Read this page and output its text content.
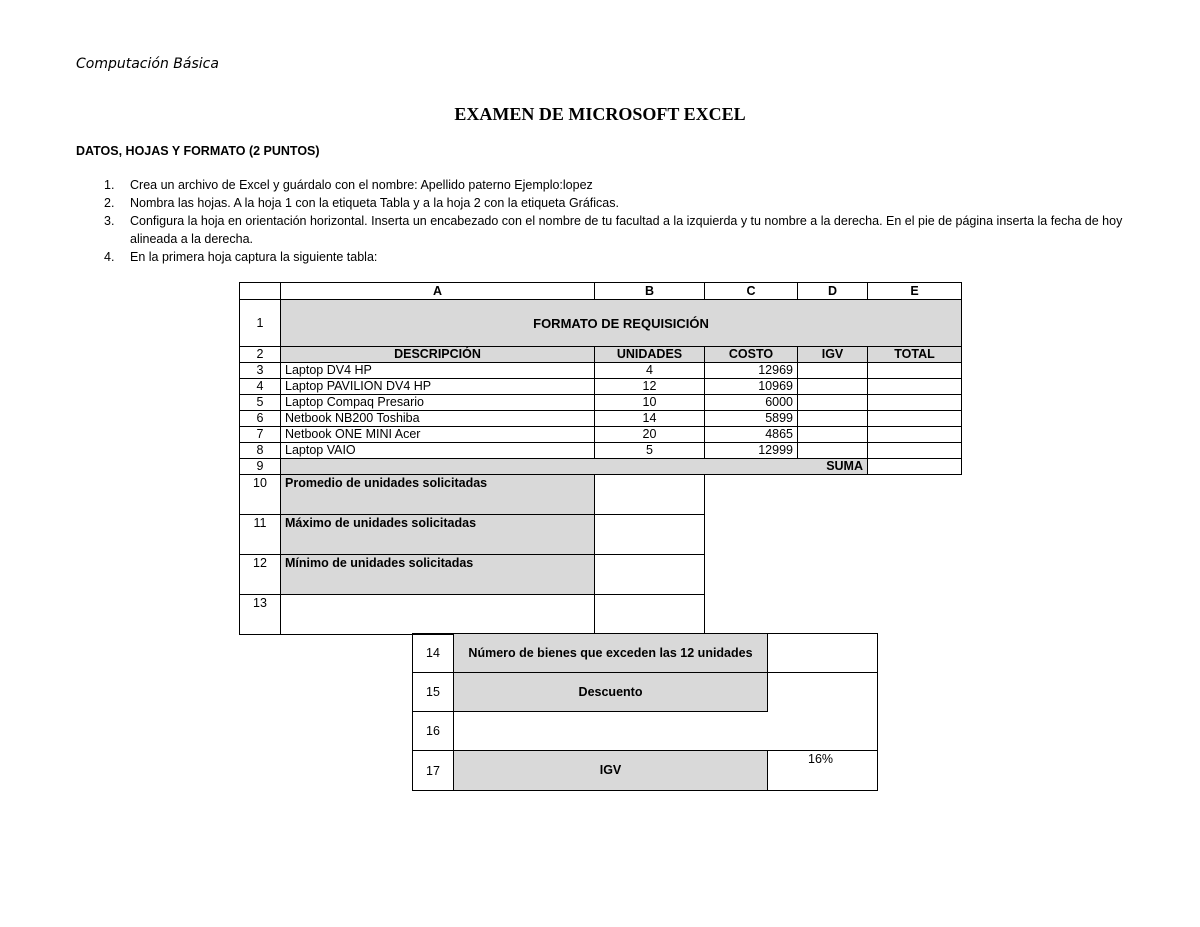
Computación Básica
EXAMEN DE MICROSOFT EXCEL
DATOS, HOJAS Y FORMATO (2 PUNTOS)
1. Crea un archivo de Excel y guárdalo con el nombre: Apellido paterno Ejemplo:lopez
2. Nombra las hojas. A la hoja 1 con la etiqueta Tabla y a la hoja 2 con la etiqueta Gráficas.
3. Configura la hoja en orientación horizontal. Inserta un encabezado con el nombre de tu facultad a la izquierda y tu nombre a la derecha. En el pie de página inserta la fecha de hoy alineada a la derecha.
4. En la primera hoja captura la siguiente tabla:
	A	B	C	D	E
1	FORMATO DE REQUISICIÓN				
2	DESCRIPCIÓN	UNIDADES	COSTO	IGV	TOTAL
3	Laptop DV4 HP	4	12969		
4	Laptop PAVILION DV4 HP	12	10969		
5	Laptop Compaq Presario	10	6000		
6	Netbook NB200 Toshiba	14	5899		
7	Netbook ONE MINI Acer	20	4865		
8	Laptop VAIO	5	12999		
9	SUMA				
10	Promedio de unidades solicitadas				
11	Máximo de unidades solicitadas				
12	Mínimo de unidades solicitadas				
13					
14	Número de bienes que exceden las 12 unidades	
15	Descuento	
16		
17	IGV	16%
